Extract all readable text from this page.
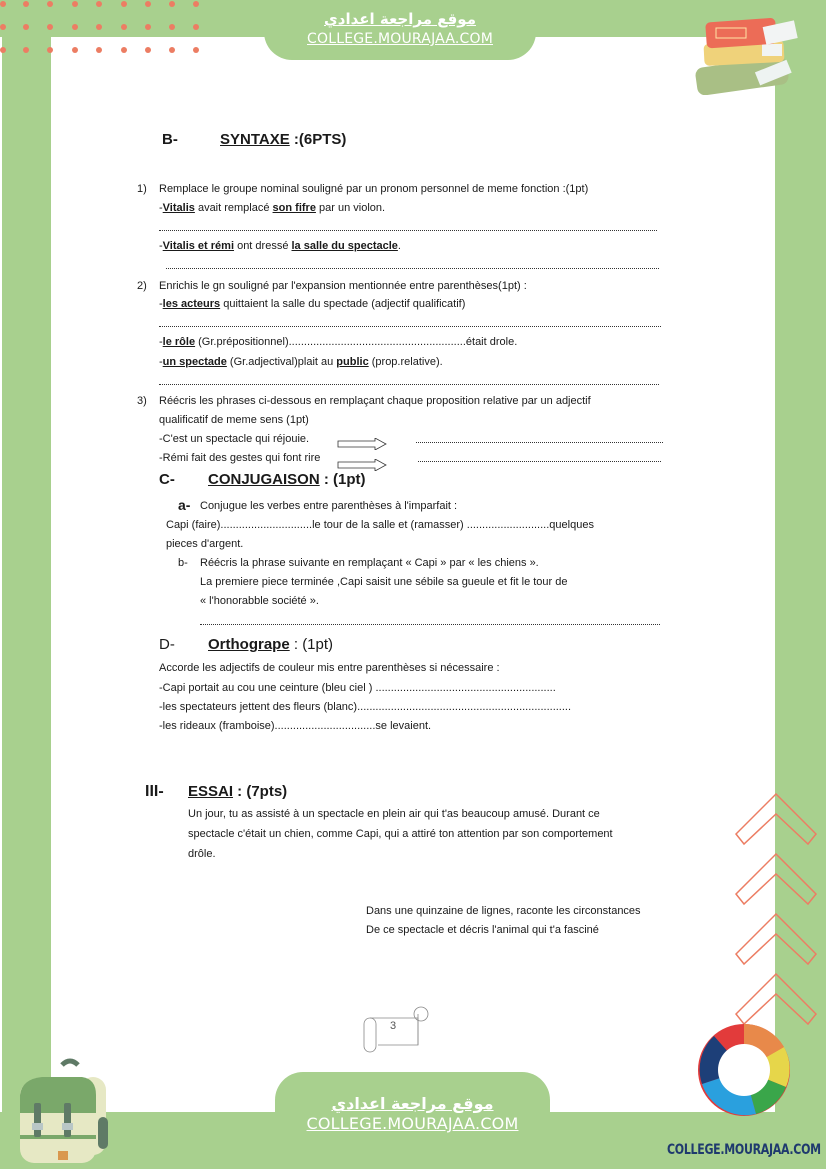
موقع مراجعة اعدادي
COLLEGE.MOURAJAA.COM
B-	SYNTAXE :(6PTS)
1) Remplace le groupe nominal souligné par un pronom personnel de meme fonction :(1pt)
-Vitalis avait remplacé son fifre par un violon.
-Vitalis et rémi ont dressé la salle du spectacle.
2) Enrichis le gn souligné par l'expansion mentionnée entre parenthèses(1pt) :
-les acteurs quittaient la salle du spectade (adjectif qualificatif)
-le rôle (Gr.prépositionnel)..........................................................était drole.
-un spectade (Gr.adjectival)plait au public (prop.relative).
3) Réécris les phrases ci-dessous en remplaçant chaque proposition relative par un adjectif
qualificatif de meme sens (1pt)
-C'est un spectacle qui réjouie.
-Rémi fait des gestes qui font rire
C- CONJUGAISON : (1pt)
a- Conjugue les verbes entre parenthèses à l'imparfait :
Capi (faire)..............................le tour de la salle et (ramasser) ...........................quelques
pieces d'argent.
b- Réécris la phrase suivante en remplaçant « Capi » par « les chiens ».
La premiere piece terminée ,Capi saisit une sébile sa gueule et fit le tour de
« l'honorabble société ».
D- Orthogrape : (1pt)
Accorde les adjectifs de couleur mis entre parenthèses si nécessaire :
-Capi portait au cou une ceinture (bleu ciel ) ...........................................................
-les spectateurs jettent des fleurs (blanc)......................................................................
-les rideaux (framboise).................................se levaient.
III- ESSAI : (7pts)
Un jour, tu as assisté à un spectacle en plein air qui t'as beaucoup amusé. Durant ce
spectacle c'était un chien, comme Capi, qui a attiré ton attention par son comportement
drôle.
Dans une quinzaine de lignes, raconte les circonstances
De ce spectacle et décris l'animal qui t'a fasciné
3
COLLEGE.MOURAJAA.COM
موقع مراجعة اعدادي
COLLEGE.MOURAJAA.COM
